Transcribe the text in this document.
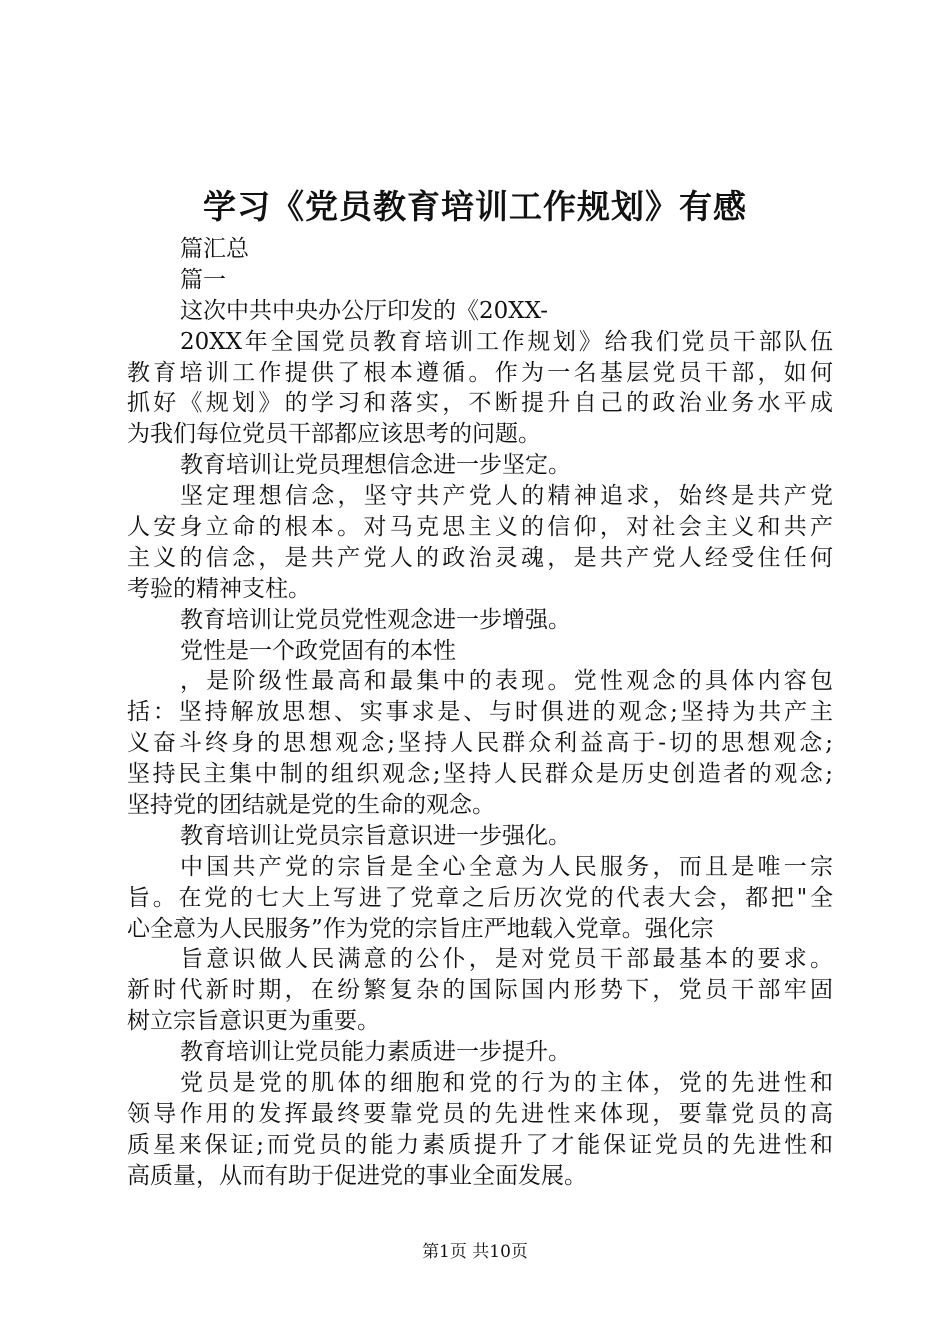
学习《党员教育培训工作规划》有感
篇汇总
篇一
这次中共中央办公厅印发的《20XX-
20XX年全国党员教育培训工作规划》给我们党员干部队伍
教育培训工作提供了根本遵循。作为一名基层党员干部，如何
抓好《规划》的学习和落实，不断提升自己的政治业务水平成
为我们每位党员干部都应该思考的问题。
教育培训让党员理想信念进一步坚定。
坚定理想信念，坚守共产党人的精神追求，始终是共产党
人安身立命的根本。对马克思主义的信仰，对社会主义和共产
主义的信念，是共产党人的政治灵魂，是共产党人经受住任何
考验的精神支柱。
教育培训让党员党性观念进一步增强。
党性是一个政党固有的本性
，是阶级性最高和最集中的表现。党性观念的具体内容包
括：坚持解放思想、实事求是、与时俱进的观念;坚持为共产主
义奋斗终身的思想观念;坚持人民群众利益高于-切的思想观念;
坚持民主集中制的组织观念;坚持人民群众是历史创造者的观念;
坚持党的团结就是党的生命的观念。
教育培训让党员宗旨意识进一步强化。
中国共产党的宗旨是全心全意为人民服务，而且是唯一宗
旨。在党的七大上写进了党章之后历次党的代表大会，都把"全
心全意为人民服务”作为党的宗旨庄严地载入党章。强化宗
旨意识做人民满意的公仆，是对党员干部最基本的要求。
新时代新时期，在纷繁复杂的国际国内形势下，党员干部牢固
树立宗旨意识更为重要。
教育培训让党员能力素质进一步提升。
党员是党的肌体的细胞和党的行为的主体，党的先进性和
领导作用的发挥最终要靠党员的先进性来体现，要靠党员的高
质星来保证;而党员的能力素质提升了才能保证党员的先进性和
高质量，从而有助于促进党的事业全面发展。
第1页 共10页
